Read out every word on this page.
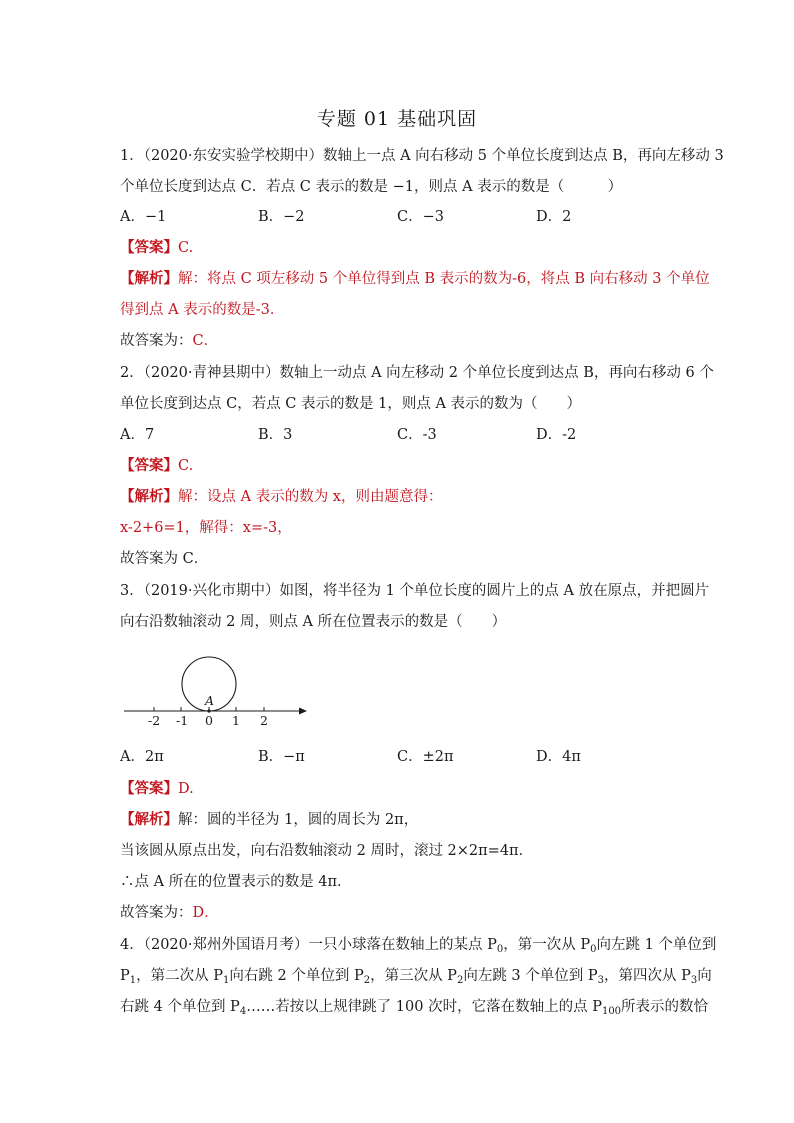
专题 01 基础巩固
1．（2020·东安实验学校期中）数轴上一点 A 向右移动 5 个单位长度到达点 B，再向左移动 3
个单位长度到达点 C．若点 C 表示的数是 −1，则点 A 表示的数是（　　　）
A．−1	B．−2	C．−3	D．2
【答案】C.
【解析】解：将点 C 项左移动 5 个单位得到点 B 表示的数为-6，将点 B 向右移动 3 个单位
得到点 A 表示的数是-3．
故答案为：C．
2．（2020·青神县期中）数轴上一动点 A 向左移动 2 个单位长度到达点 B，再向右移动 6 个
单位长度到达点 C，若点 C 表示的数是 1，则点 A 表示的数为（　　）
A．7	B．3	C．-3	D．-2
【答案】C.
【解析】解：设点 A 表示的数为 x，则由题意得：
x-2+6=1，解得：x=-3，
故答案为 C．
3．（2019·兴化市期中）如图，将半径为 1 个单位长度的圆片上的点 A 放在原点，并把圆片
向右沿数轴滚动 2 周，则点 A 所在位置表示的数是（　　）
A
-2 -1 0 1 2
A．2π	B．−π	C．±2π	D．4π
【答案】D.
【解析】解：圆的半径为 1，圆的周长为 2π，
当该圆从原点出发，向右沿数轴滚动 2 周时，滚过 2×2π=4π．
∴点 A 所在的位置表示的数是 4π．
故答案为：D．
4．（2020·郑州外国语月考）一只小球落在数轴上的某点 $P_0$，第一次从 $P_0$向左跳 1 个单位到
$P_1$，第二次从 $P_1$向右跳 2 个单位到 $P_2$，第三次从 $P_2$向左跳 3 个单位到 $P_3$，第四次从 $P_3$向
右跳 4 个单位到 $P_4\dots\dots$若按以上规律跳了 100 次时，它落在数轴上的点 $P_{100}$所表示的数恰
